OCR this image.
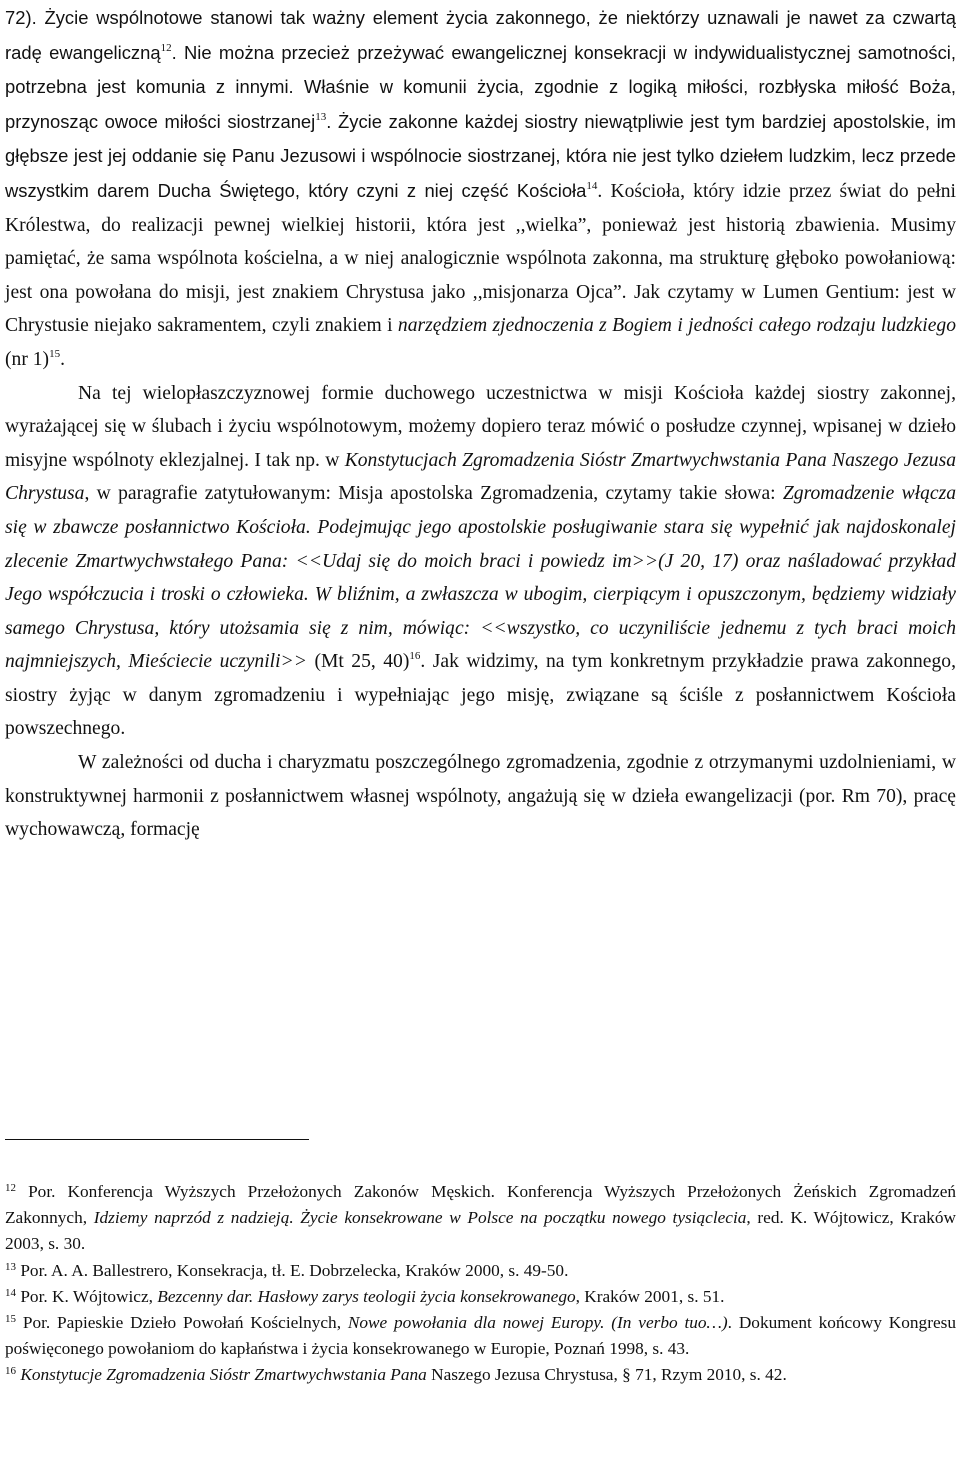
72). Życie wspólnotowe stanowi tak ważny element życia zakonnego, że niektórzy uznawali je nawet za czwartą radę ewangeliczną$^{12}$. Nie można przecież przeżywać ewangelicznej konsekracji w indywidualistycznej samotności, potrzebna jest komunia z innymi. Właśnie w komunii życia, zgodnie z logiką miłości, rozbłyska miłość Boża, przynosząc owoce miłości siostrzanej$^{13}$. Życie zakonne każdej siostry niewątpliwie jest tym bardziej apostolskie, im głębsze jest jej oddanie się Panu Jezusowi i wspólnocie siostrzanej, która nie jest tylko dziełem ludzkim, lecz przede wszystkim darem Ducha Świętego, który czyni z niej część Kościoła$^{14}$. Kościoła, który idzie przez świat do pełni Królestwa, do realizacji pewnej wielkiej historii, która jest ,,wielka”, ponieważ jest historią zbawienia. Musimy pamiętać, że sama wspólnota kościelna, a w niej analogicznie wspólnota zakonna, ma strukturę głęboko powołaniową: jest ona powołana do misji, jest znakiem Chrystusa jako ,,misjonarza Ojca”. Jak czytamy w Lumen Gentium: jest w Chrystusie niejako sakramentem, czyli znakiem i narzędziem zjednoczenia z Bogiem i jedności całego rodzaju ludzkiego (nr 1)$^{15}$.

Na tej wielopłaszczyznowej formie duchowego uczestnictwa w misji Kościoła każdej siostry zakonnej, wyrażającej się w ślubach i życiu wspólnotowym, możemy dopiero teraz mówić o posłudze czynnej, wpisanej w dzieło misyjne wspólnoty eklezjalnej. I tak np. w Konstytucjach Zgromadzenia Sióstr Zmartwychwstania Pana Naszego Jezusa Chrystusa, w paragrafie zatytułowanym: Misja apostolska Zgromadzenia, czytamy takie słowa: Zgromadzenie włącza się w zbawcze posłannictwo Kościoła. Podejmując jego apostolskie posługiwanie stara się wypełnić jak najdoskonalej zlecenie Zmartwychwstałego Pana: <<Udaj się do moich braci i powiedz im>>(J 20, 17) oraz naśladować przykład Jego współczucia i troski o człowieka. W bliźnim, a zwłaszcza w ubogim, cierpiącym i opuszczonym, będziemy widziały samego Chrystusa, który utożsamia się z nim, mówiąc: <<wszystko, co uczyniliście jednemu z tych braci moich najmniejszych, Mieściecie uczynili>> (Mt 25, 40)$^{16}$. Jak widzimy, na tym konkretnym przykładzie prawa zakonnego, siostry żyjąc w danym zgromadzeniu i wypełniając jego misję, związane są ściśle z posłannictwem Kościoła powszechnego.

W zależności od ducha i charyzmatu poszczególnego zgromadzenia, zgodnie z otrzymanymi uzdolnieniami, w konstruktywnej harmonii z posłannictwem własnej wspólnoty, angażują się w dzieła ewangelizacji (por. Rm 70), pracę wychowawczą, formację

$^{12}$ Por. Konferencja Wyższych Przełożonych Zakonów Męskich. Konferencja Wyższych Przełożonych Żeńskich Zgromadzeń Zakonnych, Idziemy naprzód z nadzieją. Życie konsekrowane w Polsce na początku nowego tysiąclecia, red. K. Wójtowicz, Kraków 2003, s. 30.

$^{13}$ Por. A. A. Ballestrero, Konsekracja, tł. E. Dobrzelecka, Kraków 2000, s. 49-50.

$^{14}$ Por. K. Wójtowicz, Bezcenny dar. Hasłowy zarys teologii życia konsekrowanego, Kraków 2001, s. 51.

$^{15}$ Por. Papieskie Dzieło Powołań Kościelnych, Nowe powołania dla nowej Europy. (In verbo tuo…). Dokument końcowy Kongresu poświęconego powołaniom do kapłaństwa i życia konsekrowanego w Europie, Poznań 1998, s. 43.

$^{16}$ Konstytucje Zgromadzenia Sióstr Zmartwychwstania Pana Naszego Jezusa Chrystusa, § 71, Rzym 2010, s. 42.
